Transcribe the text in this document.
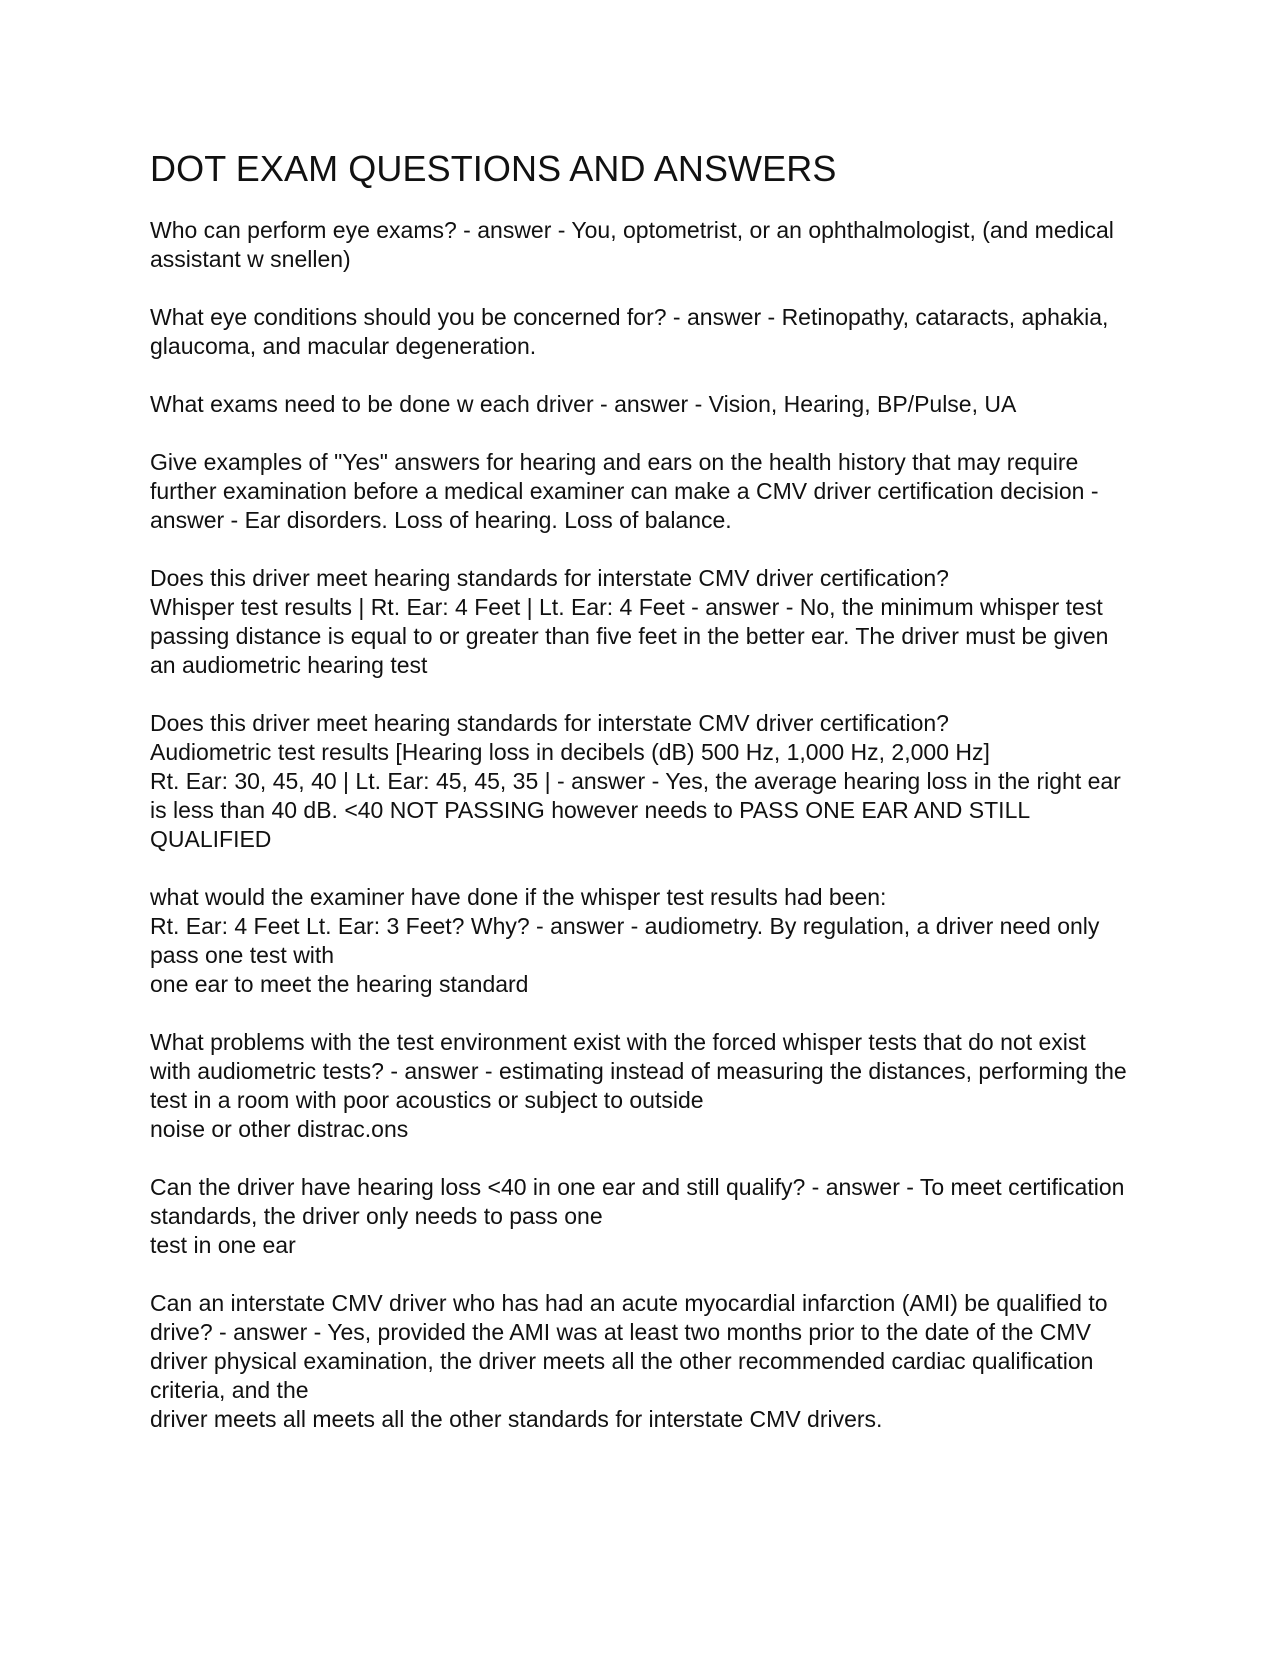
DOT EXAM QUESTIONS AND ANSWERS
Who can perform eye exams? - answer - You, optometrist, or an ophthalmologist, (and medical assistant w snellen)
What eye conditions should you be concerned for? - answer - Retinopathy, cataracts, aphakia, glaucoma, and macular degeneration.
What exams need to be done w each driver - answer - Vision, Hearing, BP/Pulse, UA
Give examples of "Yes" answers for hearing and ears on the health history that may require further examination before a medical examiner can make a CMV driver certification decision - answer - Ear disorders. Loss of hearing. Loss of balance.
Does this driver meet hearing standards for interstate CMV driver certification?
Whisper test results | Rt. Ear: 4 Feet | Lt. Ear: 4 Feet - answer - No, the minimum whisper test passing distance is equal to or greater than five feet in the better ear. The driver must be given an audiometric hearing test
Does this driver meet hearing standards for interstate CMV driver certification?
Audiometric test results [Hearing loss in decibels (dB) 500 Hz, 1,000 Hz, 2,000 Hz]
Rt. Ear: 30, 45, 40 | Lt. Ear: 45, 45, 35 | - answer - Yes, the average hearing loss in the right ear is less than 40 dB. <40 NOT PASSING however needs to PASS ONE EAR AND STILL QUALIFIED
what would the examiner have done if the whisper test results had been:
Rt. Ear: 4 Feet Lt. Ear: 3 Feet? Why? - answer - audiometry. By regulation, a driver need only pass one test with
one ear to meet the hearing standard
What problems with the test environment exist with the forced whisper tests that do not exist
with audiometric tests? - answer - estimating instead of measuring the distances, performing the test in a room with poor acoustics or subject to outside
noise or other distrac.ons
Can the driver have hearing loss <40 in one ear and still qualify? - answer - To meet certification standards, the driver only needs to pass one
test in one ear
Can an interstate CMV driver who has had an acute myocardial infarction (AMI) be qualified to
drive? - answer - Yes, provided the AMI was at least two months prior to the date of the CMV driver physical examination, the driver meets all the other recommended cardiac qualification criteria, and the
driver meets all meets all the other standards for interstate CMV drivers.
